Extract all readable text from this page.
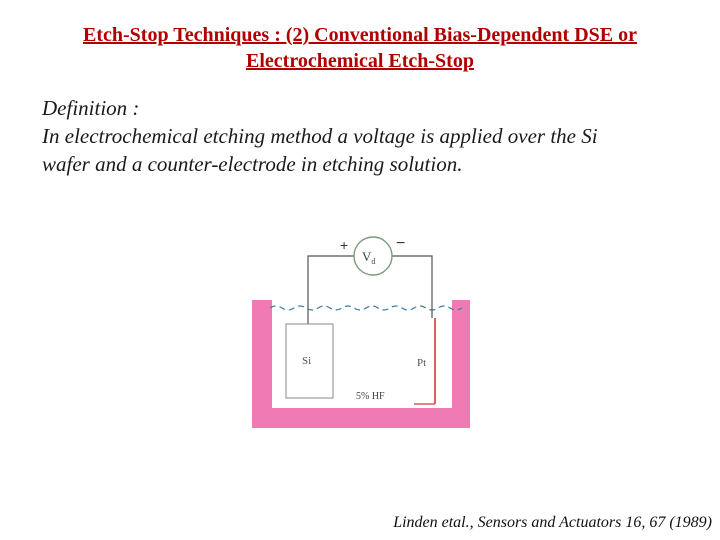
Etch-Stop Techniques : (2) Conventional Bias-Dependent DSE or
Electrochemical Etch-Stop
Definition :
In electrochemical etching method a voltage is applied over the Si
wafer and a counter-electrode in etching solution.
$V_d$
+	−
Si	Pt
5% HF
Linden etal., Sensors and Actuators 16, 67 (1989)
